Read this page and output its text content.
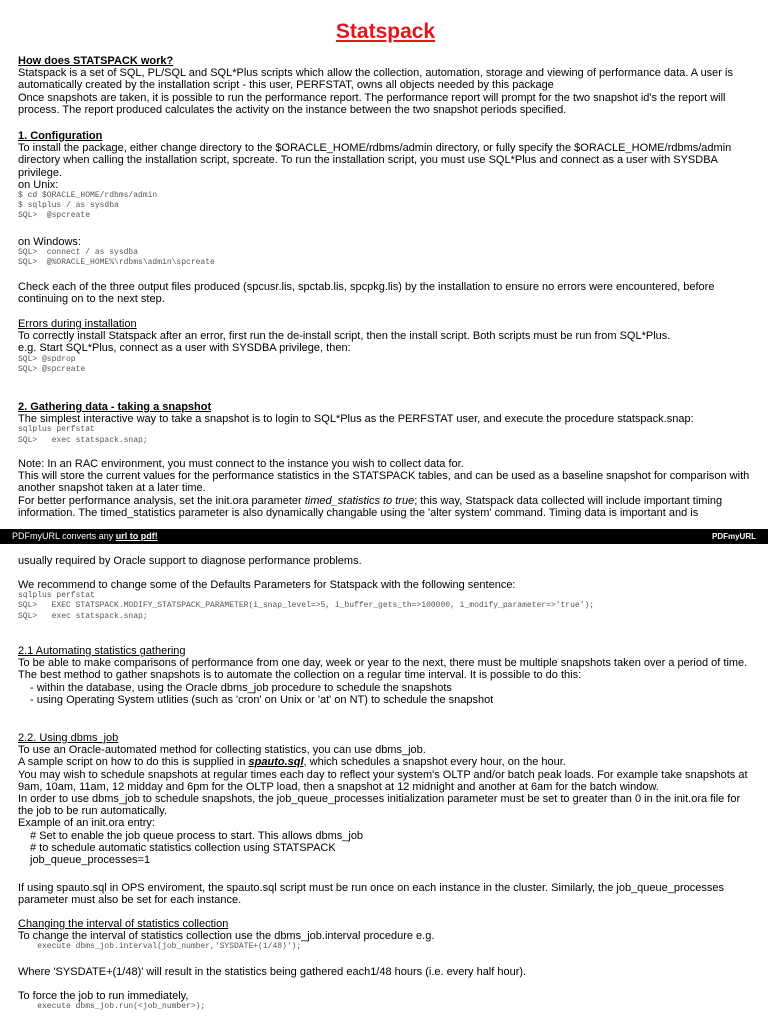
Statspack

How does STATSPACK work?

Statspack is a set of SQL, PL/SQL and SQL*Plus scripts which allow the collection, automation, storage and viewing of performance data. A user is automatically created by the installation script - this user, PERFSTAT, owns all objects needed by this package

Once snapshots are taken, it is possible to run the performance report. The performance report will prompt for the two snapshot id's the report will process. The report produced calculates the activity on the instance between the two snapshot periods specified.

1. Configuration

To install the package, either change directory to the $ORACLE_HOME/rdbms/admin directory, or fully specify the $ORACLE_HOME/rdbms/admin directory when calling the installation script, spcreate. To run the installation script, you must use SQL*Plus and connect as a user with SYSDBA privilege.

on Unix:

$ cd $ORACLE_HOME/rdbms/admin
$ sqlplus / as sysdba
SQL>  @spcreate

on Windows:

SQL>  connect / as sysdba
SQL>  @%ORACLE_HOME%\rdbms\admin\spcreate
Check each of the three output files produced (spcusr.lis, spctab.lis, spcpkg.lis) by the installation to ensure no errors were encountered, before continuing on to the next step.

Errors during installation

To correctly install Statspack after an error, first run the de-install script, then the install script. Both scripts must be run from SQL*Plus.

e.g. Start SQL*Plus, connect as a user with SYSDBA privilege, then:

SQL> @spdrop
SQL> @spcreate

2. Gathering data - taking a snapshot

The simplest interactive way to take a snapshot is to login to SQL*Plus as the PERFSTAT user, and execute the procedure statspack.snap:

sqlplus perfstat
SQL>   exec statspack.snap;

Note: In an RAC environment, you must connect to the instance you wish to collect data for.

This will store the current values for the performance statistics in the STATSPACK tables, and can be used as a baseline snapshot for comparison with another snapshot taken at a later time.

For better performance analysis, set the init.ora parameter timed_statistics to true; this way, Statspack data collected will include important timing information. The timed_statistics parameter is also dynamically changable using the 'alter system' command. Timing data is important and is

usually required by Oracle support to diagnose performance problems.

We recommend to change some of the Defaults Parameters for Statspack with the following sentence:

sqlplus perfstat
SQL>   EXEC STATSPACK.MODIFY_STATSPACK_PARAMETER(i_snap_level=>5, i_buffer_gets_th=>100000, i_modify_parameter=>'true');
SQL>   exec statspack.snap;

2.1 Automating statistics gathering

To be able to make comparisons of performance from one day, week or year to the next, there must be multiple snapshots taken over a period of time.

The best method to gather snapshots is to automate the collection on a regular time interval. It is possible to do this:

- within the database, using the Oracle dbms_job procedure to schedule the snapshots

- using Operating System utlities (such as 'cron' on Unix or 'at' on NT) to schedule the snapshot

2.2. Using dbms_job

To use an Oracle-automated method for collecting statistics, you can use dbms_job.

A sample script on how to do this is supplied in spauto.sql, which schedules a snapshot every hour, on the hour.

You may wish to schedule snapshots at regular times each day to reflect your system's OLTP and/or batch peak loads. For example take snapshots at 9am, 10am, 11am, 12 midday and 6pm for the OLTP load, then a snapshot at 12 midnight and another at 6am for the batch window.

In order to use dbms_job to schedule snapshots, the job_queue_processes initialization parameter must be set to greater than 0 in the init.ora file for the job to be run automatically.

Example of an init.ora entry:

# Set to enable the job queue process to start. This allows dbms_job

# to schedule automatic statistics collection using STATSPACK

job_queue_processes=1

If using spauto.sql in OPS enviroment, the spauto.sql script must be run once on each instance in the cluster. Similarly, the job_queue_processes parameter must also be set for each instance.

Changing the interval of statistics collection

To change the interval of statistics collection use the dbms_job.interval procedure e.g.

execute dbms_job.interval(job_number,'SYSDATE+(1/48)');
Where 'SYSDATE+(1/48)' will result in the statistics being gathered each1/48 hours (i.e. every half hour).

To force the job to run immediately,

execute dbms_job.run(<job_number>);
PDFmyURL converts any url to pdf!	PDFmyURL
